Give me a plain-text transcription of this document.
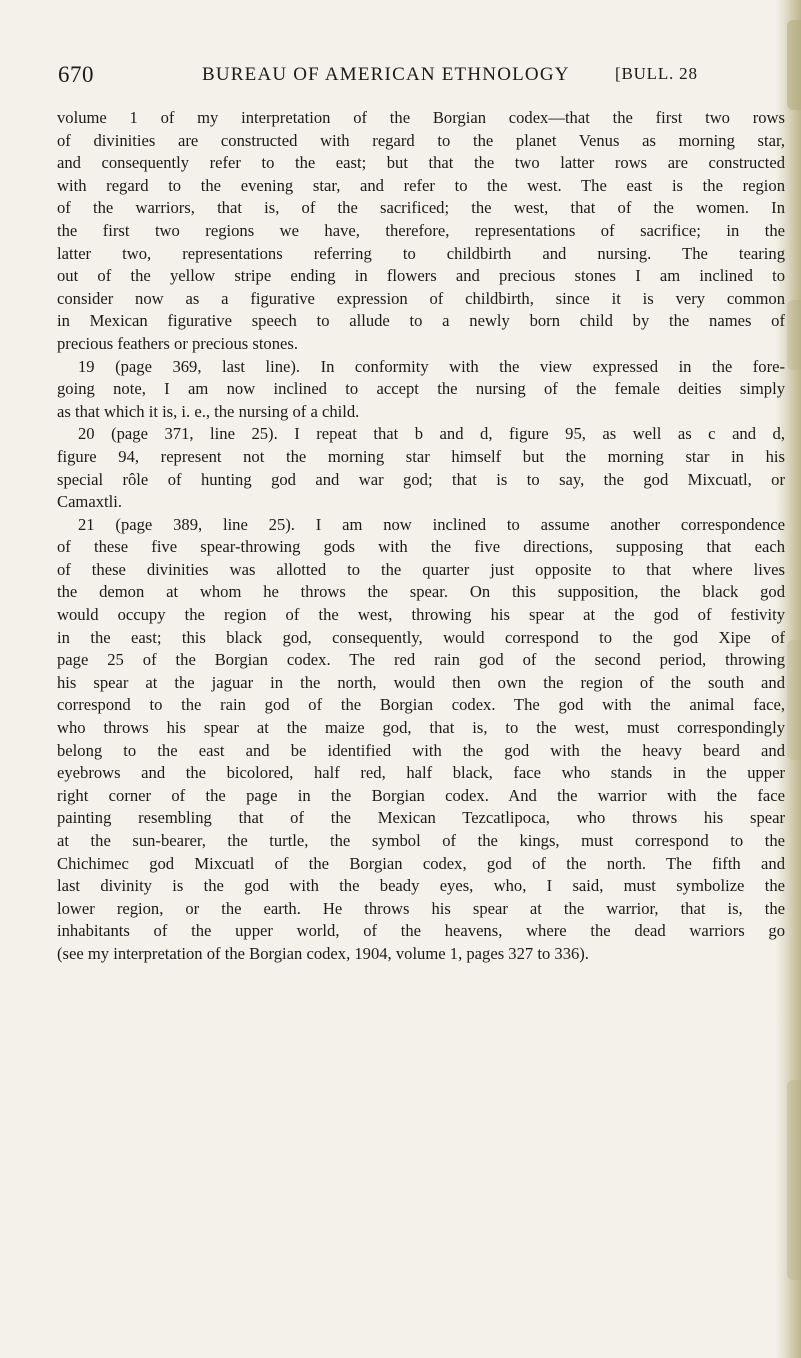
670	BUREAU OF AMERICAN ETHNOLOGY	[BULL. 28
volume 1 of my interpretation of the Borgian codex—that the first two rows
of divinities are constructed with regard to the planet Venus as morning star,
and consequently refer to the east; but that the two latter rows are constructed
with regard to the evening star, and refer to the west. The east is the region
of the warriors, that is, of the sacrificed; the west, that of the women. In
the first two regions we have, therefore, representations of sacrifice; in the
latter two, representations referring to childbirth and nursing. The tearing
out of the yellow stripe ending in flowers and precious stones I am inclined to
consider now as a figurative expression of childbirth, since it is very common
in Mexican figurative speech to allude to a newly born child by the names of
precious feathers or precious stones.
19 (page 369, last line). In conformity with the view expressed in the fore-
going note, I am now inclined to accept the nursing of the female deities simply
as that which it is, i. e., the nursing of a child.
20 (page 371, line 25). I repeat that b and d, figure 95, as well as c and d,
figure 94, represent not the morning star himself but the morning star in his
special rôle of hunting god and war god; that is to say, the god Mixcuatl, or
Camaxtli.
21 (page 389, line 25). I am now inclined to assume another correspondence
of these five spear-throwing gods with the five directions, supposing that each
of these divinities was allotted to the quarter just opposite to that where lives
the demon at whom he throws the spear. On this supposition, the black god
would occupy the region of the west, throwing his spear at the god of festivity
in the east; this black god, consequently, would correspond to the god Xipe of
page 25 of the Borgian codex. The red rain god of the second period, throwing
his spear at the jaguar in the north, would then own the region of the south and
correspond to the rain god of the Borgian codex. The god with the animal face,
who throws his spear at the maize god, that is, to the west, must correspondingly
belong to the east and be identified with the god with the heavy beard and
eyebrows and the bicolored, half red, half black, face who stands in the upper
right corner of the page in the Borgian codex. And the warrior with the face
painting resembling that of the Mexican Tezcatlipoca, who throws his spear
at the sun-bearer, the turtle, the symbol of the kings, must correspond to the
Chichimec god Mixcuatl of the Borgian codex, god of the north. The fifth and
last divinity is the god with the beady eyes, who, I said, must symbolize the
lower region, or the earth. He throws his spear at the warrior, that is, the
inhabitants of the upper world, of the heavens, where the dead warriors go
(see my interpretation of the Borgian codex, 1904, volume 1, pages 327 to 336).
